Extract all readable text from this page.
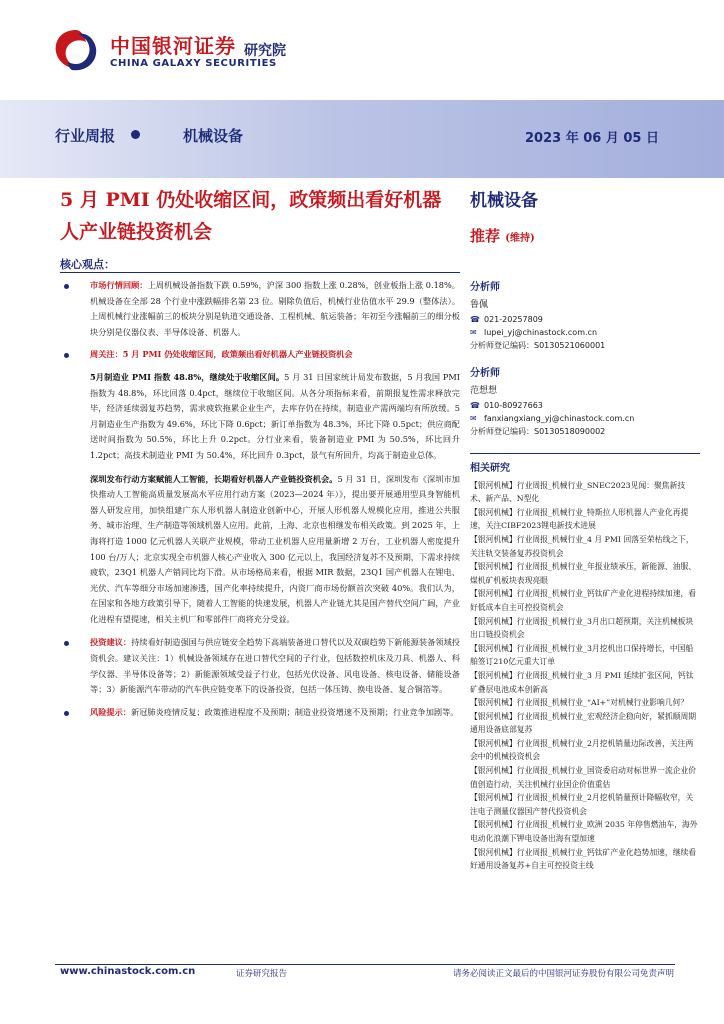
中国银河证券
CHINA GALAXY SECURITIES
研究院
行业周报	机械设备	2023 年 06 月 05 日
5 月 PMI 仍处收缩区间，政策频出看好机器人产业链投资机会
机械设备
推荐 (维持)
核心观点：
市场行情回顾：上周机械设备指数下跌 0.59%，沪深 300 指数上涨 0.28%，创业板指上涨 0.18%。机械设备在全部 28 个行业中涨跌幅排名第 23 位。剔除负值后，机械行业估值水平 29.9（整体法）。上周机械行业涨幅前三的板块分别是轨道交通设备、工程机械、航运装备；年初至今涨幅前三的细分板块分别是仪器仪表、半导体设备、机器人。
周关注：5 月 PMI 仍处收缩区间，政策频出看好机器人产业链投资机会
5月制造业 PMI 指数 48.8%，继续处于收缩区间。5 月 31 日国家统计局发布数据，5 月我国 PMI 指数为 48.8%，环比回落 0.4pct，继续位于收缩区间。从各分项指标来看，前期报复性需求释放完毕，经济延续弱复苏趋势，需求疲软拖累企业生产，去库存仍在持续，制造业产需两端均有所放缓。5 月制造业生产指数为 49.6%，环比下降 0.6pct；新订单指数为 48.3%，环比下降 0.5pct；供应商配送时间指数为 50.5%，环比上升 0.2pct。分行业来看，装备制造业 PMI 为 50.5%，环比回升 1.2pct；高技术制造业 PMI 为 50.4%，环比回升 0.3pct，景气有所回升，均高于制造业总体。
深圳发布行动方案赋能人工智能，长期看好机器人产业链投资机会。5 月 31 日，深圳发布《深圳市加快推动人工智能高质量发展高水平应用行动方案（2023—2024 年）》，提出要开展通用型具身智能机器人研发应用，加快组建广东人形机器人制造业创新中心，开展人形机器人规模化应用，推进公共服务、城市治理、生产制造等领域机器人应用。此前，上海、北京也相继发布相关政策。到 2025 年，上海将打造 1000 亿元机器人关联产业规模，带动工业机器人应用量新增 2 万台，工业机器人密度提升 100 台/万人；北京实现全市机器人核心产业收入 300 亿元以上，我国经济复苏不及预期，下需求持续疲软，23Q1 机器人产销同比均下滑。从市场格局来看，根据 MIR 数据，23Q1 国产机器人在锂电、光伏、汽车等细分市场加速渗透，国产化率持续提升，内资厂商市场份额首次突破 40%。我们认为，在国家和各地方政策引导下，随着人工智能的快速发展，机器人产业链尤其是国产替代空间广阔，产业化进程有望提速，相关主机厂和零部件厂商将充分受益。
投资建议：持续看好制造强国与供应链安全趋势下高端装备进口替代以及双碳趋势下新能源装备领域投资机会。建议关注：1）机械设备领域存在进口替代空间的子行业，包括数控机床及刀具、机器人、科学仪器、半导体设备等；2）新能源领域受益子行业，包括光伏设备、风电设备、核电设备、储能设备等；3）新能源汽车带动的汽车供应链变革下的设备投资，包括一体压铸、换电设备、复合铜箔等。
风险提示：新冠肺炎疫情反复；政策推进程度不及预期；制造业投资增速不及预期；行业竞争加剧等。
分析师
鲁佩
☎ 021-20257809
✉ lupei_yj@chinastock.com.cn
分析师登记编码：S0130521060001
分析师
范想想
☎ 010-80927663
✉ fanxiangxiang_yj@chinastock.com.cn
分析师登记编码：S0130518090002
相关研究
【银河机械】行业周报_机械行业_SNEC2023见闻：聚焦新技术、新产品、N型化
【银河机械】行业周报_机械行业_特斯拉人形机器人产业化再提速，关注CIBF2023锂电新技术进展
【银河机械】行业周报_机械行业_4 月 PMI 回落至荣枯线之下，关注轨交装备复苏投资机会
【银河机械】行业周报_机械行业_年报业绩承压，新能源、油服、煤机矿机板块表现亮眼
【银河机械】行业周报_机械行业_钙钛矿产业化进程持续加速，看好低成本自主可控投资机会
【银河机械】行业周报_机械行业_3月出口超预期，关注机械板块出口链投资机会
【银河机械】行业周报_机械行业_3月挖机出口保持增长，中国船舶签订210亿元重大订单
【银河机械】行业周报_机械行业_3 月 PMI 延续扩张区间，钙钛矿叠层电池成本创新高
【银河机械】行业周报_机械行业_“AI+”对机械行业影响几何？
【银河机械】行业周报_机械行业_宏观经济企稳向好，紧抓顺周期通用设备底部复苏
【银河机械】行业周报_机械行业_2月挖机销量边际改善，关注两会中的机械投资机会
【银河机械】行业周报_机械行业_国资委启动对标世界一流企业价值创造行动，关注机械行业国企价值重估
【银河机械】行业周报_机械行业_2月挖机销量预计降幅收窄，关注电子测量仪器国产替代投资机会
【银河机械】行业周报_机械行业_欧洲 2035 年停售燃油车，海外电动化浪潮下钾电设备出海有望加速
【银河机械】行业周报_机械行业_钙钛矿产业化趋势加速，继续看好通用设备复苏+自主可控投资主线
www.chinastock.com.cn	证券研究报告	请务必阅读正文最后的中国银河证券股份有限公司免责声明
